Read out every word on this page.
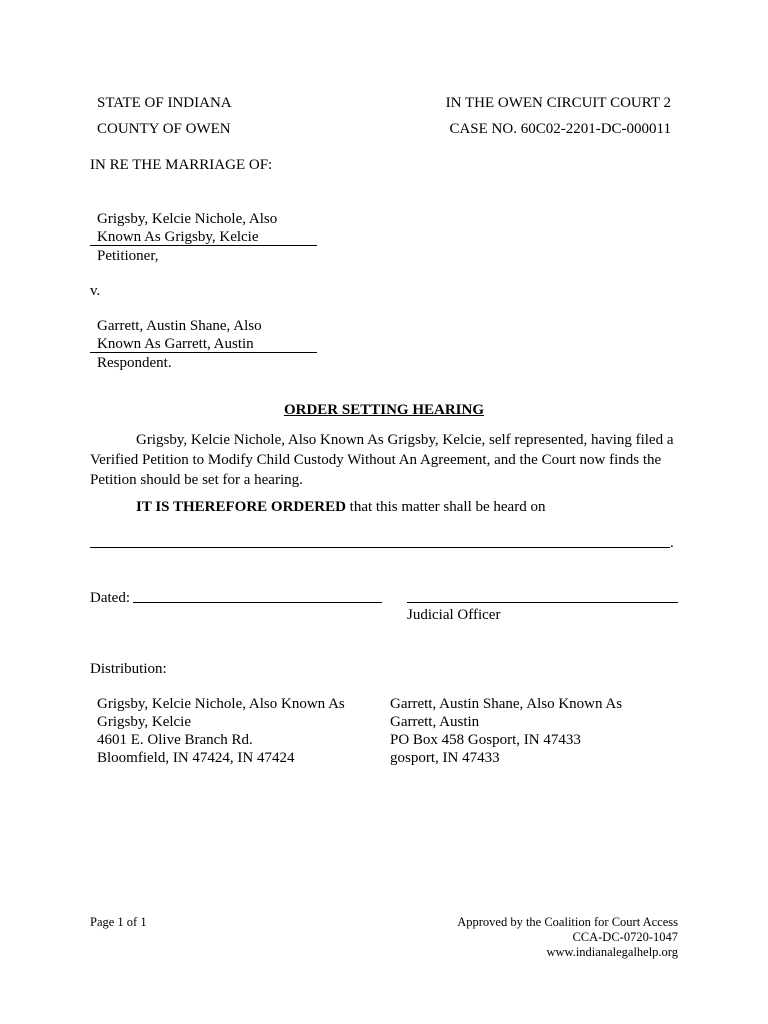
STATE OF INDIANA
COUNTY OF OWEN
IN THE OWEN CIRCUIT COURT 2
CASE NO. 60C02-2201-DC-000011
IN RE THE MARRIAGE OF:
Grigsby, Kelcie Nichole, Also
Known As Grigsby, Kelcie
Petitioner,
v.
Garrett, Austin Shane, Also
Known As Garrett, Austin
Respondent.
ORDER SETTING HEARING
Grigsby, Kelcie Nichole, Also Known As Grigsby, Kelcie, self represented, having filed a Verified Petition to Modify Child Custody Without An Agreement, and the Court now finds the Petition should be set for a hearing.
IT IS THEREFORE ORDERED that this matter shall be heard on
.
Dated:
Judicial Officer
Distribution:
Grigsby, Kelcie Nichole, Also Known As
Grigsby, Kelcie
4601 E. Olive Branch Rd.
Bloomfield, IN 47424, IN 47424
Garrett, Austin Shane, Also Known As
Garrett, Austin
PO Box 458 Gosport, IN 47433
gosport, IN 47433
Page 1 of 1	Approved by the Coalition for Court Access
CCA-DC-0720-1047
www.indianalegalhelp.org
